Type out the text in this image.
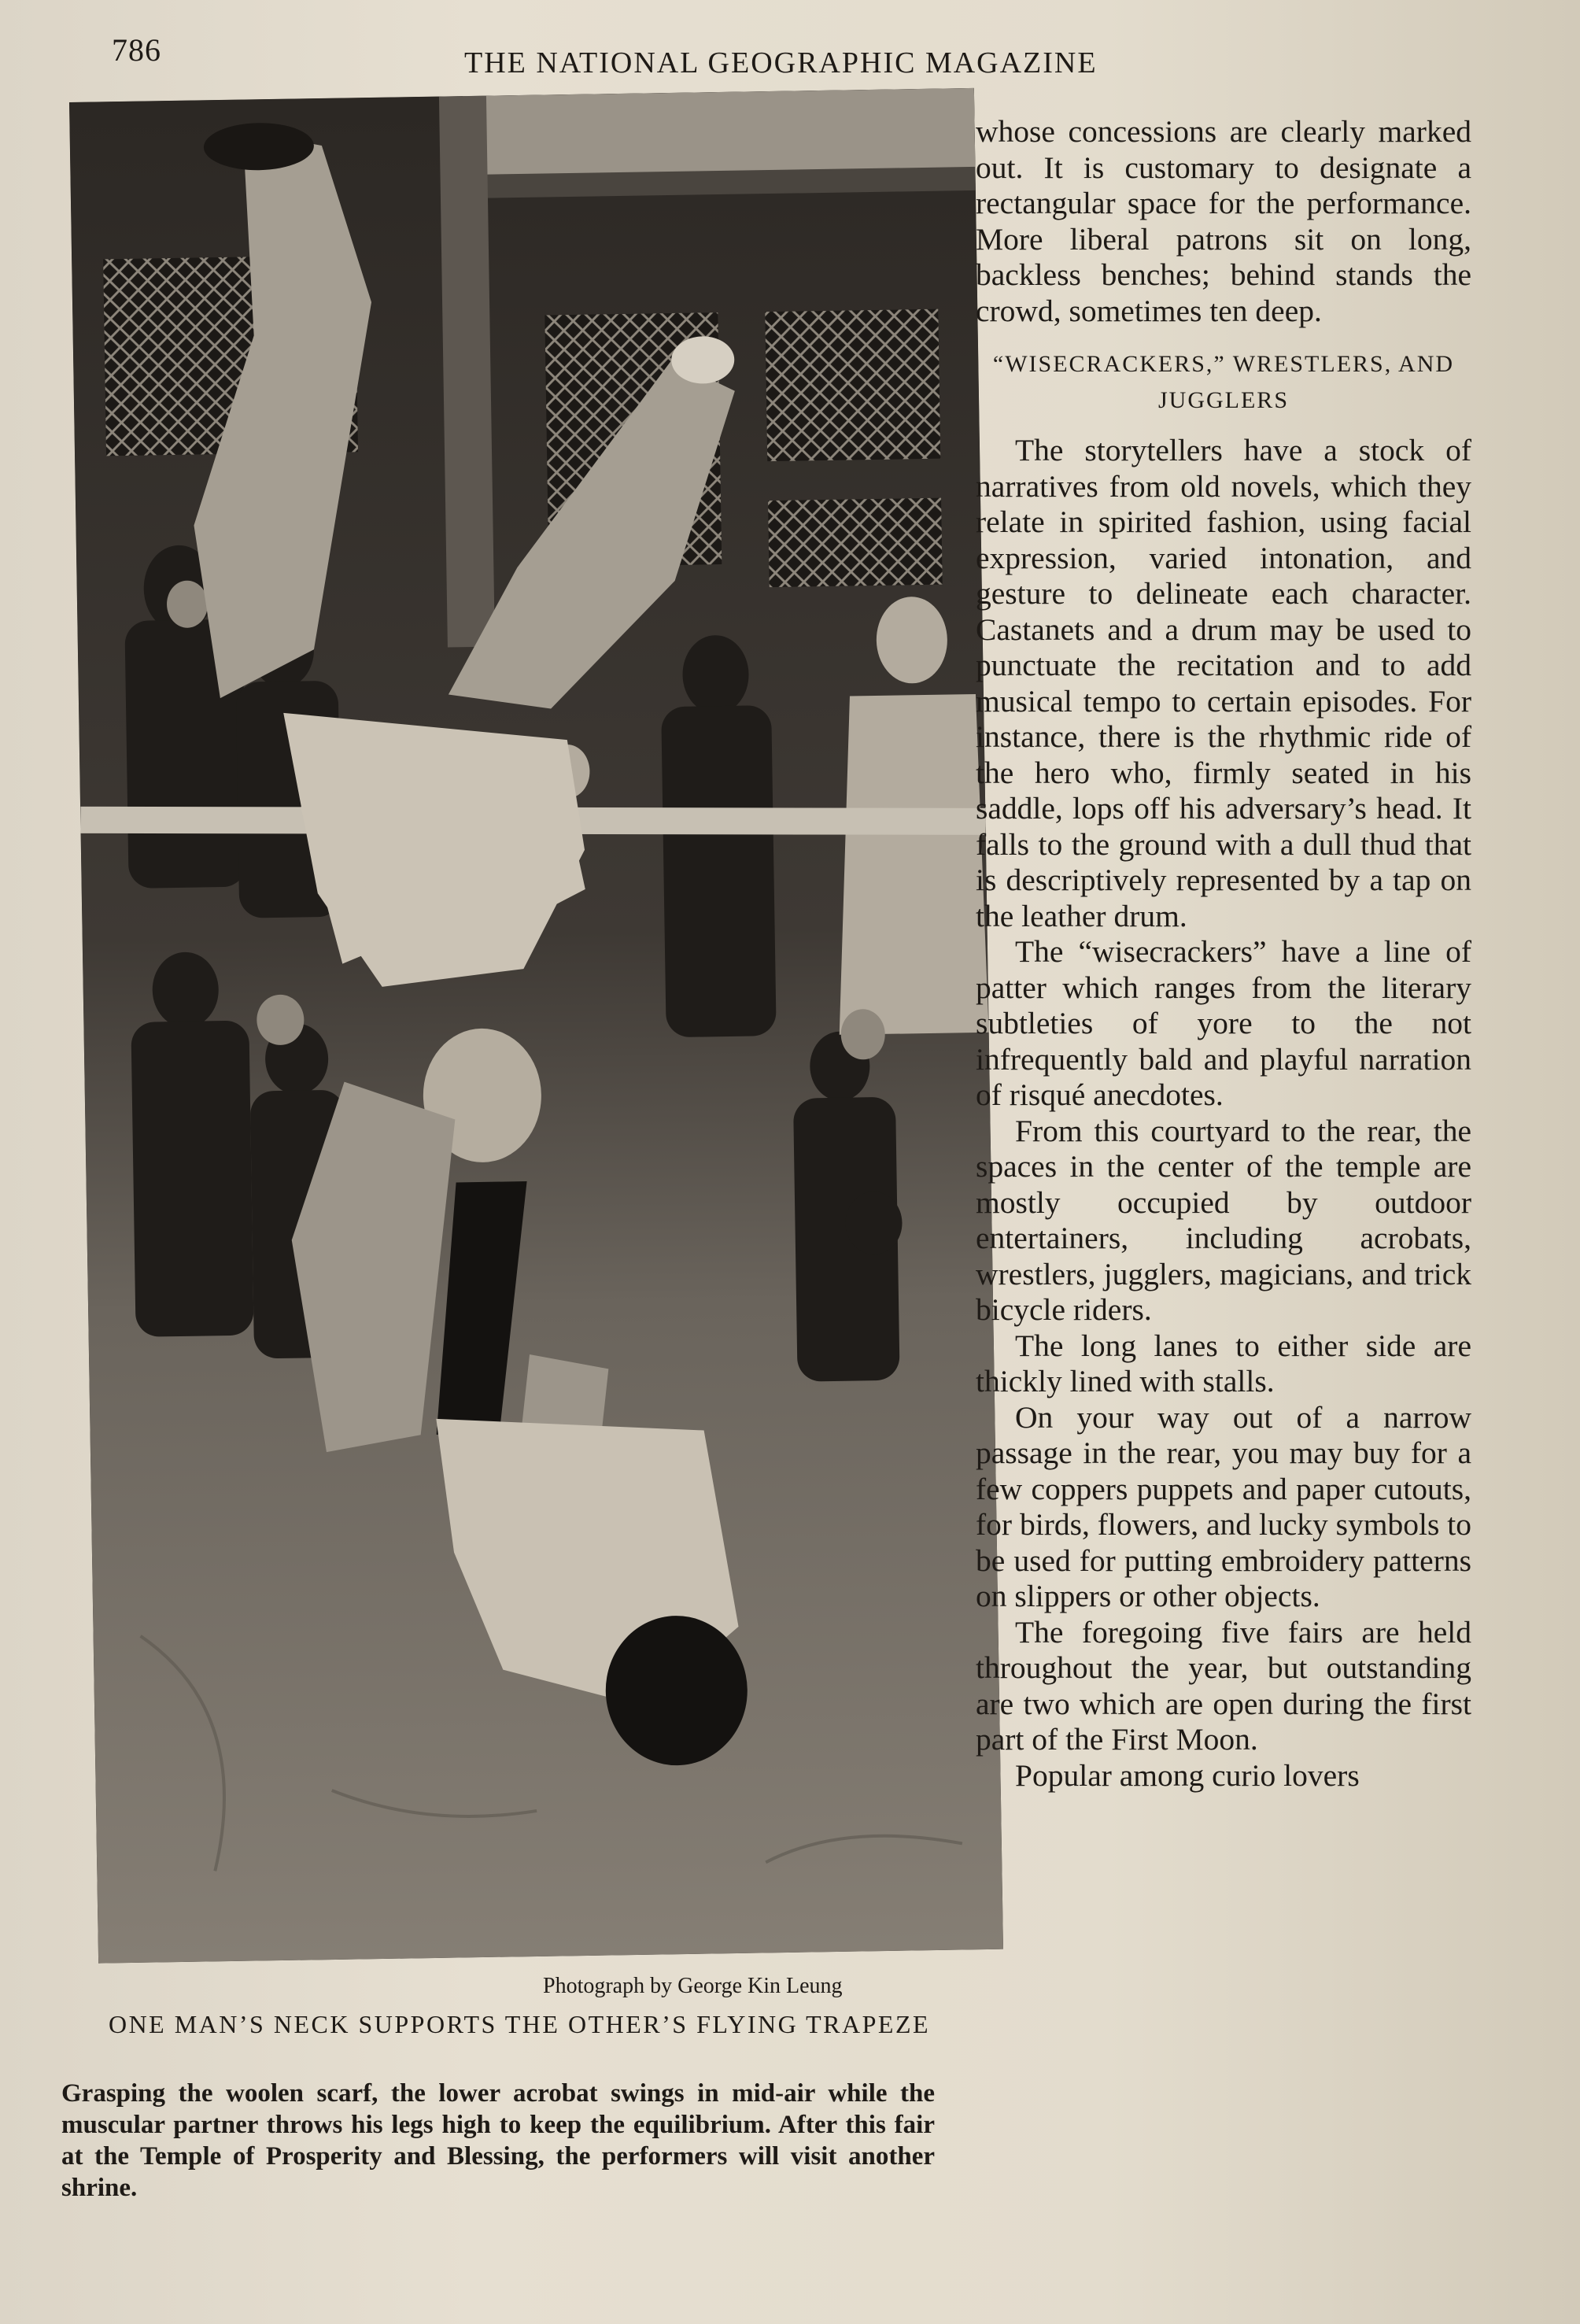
786	THE NATIONAL GEOGRAPHIC MAGAZINE
Photograph by George Kin Leung
ONE MAN’S NECK SUPPORTS THE OTHER’S FLYING TRAPEZE
Grasping the woolen scarf, the lower acrobat swings in mid-air while the muscular partner throws his legs high to keep the equilibrium. After this fair at the Temple of Prosperity and Blessing, the performers will visit another shrine.

whose concessions are clearly marked out. It is customary to designate a rectangular space for the performance. More liberal patrons sit on long, backless benches; behind stands the crowd, sometimes ten deep.

“WISECRACKERS,” WRESTLERS, AND JUGGLERS

The storytellers have a stock of narratives from old novels, which they relate in spirited fashion, using facial expression, varied intonation, and gesture to delineate each character. Castanets and a drum may be used to punctuate the recitation and to add musical tempo to certain episodes. For instance, there is the rhythmic ride of the hero who, firmly seated in his saddle, lops off his adversary’s head. It falls to the ground with a dull thud that is descriptively represented by a tap on the leather drum.

The “wisecrackers” have a line of patter which ranges from the literary subtleties of yore to the not infrequently bald and playful narration of risqué anecdotes.

From this courtyard to the rear, the spaces in the center of the temple are mostly occupied by outdoor entertainers, including acrobats, wrestlers, jugglers, magicians, and trick bicycle riders.

The long lanes to either side are thickly lined with stalls.

On your way out of a narrow passage in the rear, you may buy for a few coppers puppets and paper cutouts, for birds, flowers, and lucky symbols to be used for putting embroidery patterns on slippers or other objects.

The foregoing five fairs are held throughout the year, but outstanding are two which are open during the first part of the First Moon.

Popular among curio lovers
